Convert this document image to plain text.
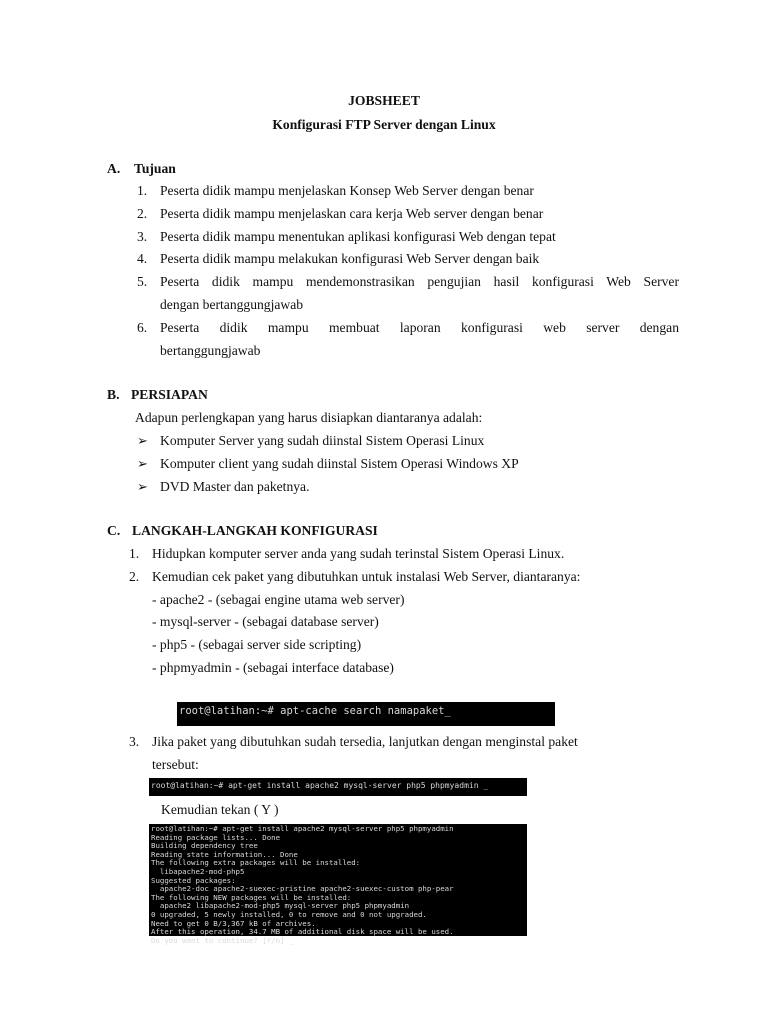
JOBSHEET
Konfigurasi FTP Server dengan Linux
A. Tujuan
1. Peserta didik mampu menjelaskan Konsep Web Server dengan benar
2. Peserta didik mampu menjelaskan cara kerja Web server dengan benar
3. Peserta didik mampu menentukan aplikasi konfigurasi Web dengan tepat
4. Peserta didik mampu melakukan konfigurasi Web Server dengan baik
5. Peserta didik mampu mendemonstrasikan pengujian hasil konfigurasi Web Server
dengan bertanggungjawab
6. Peserta didik mampu membuat laporan konfigurasi web server dengan
bertanggungjawab
B. PERSIAPAN
Adapun perlengkapan yang harus disiapkan diantaranya adalah:
➢ Komputer Server yang sudah diinstal Sistem Operasi Linux
➢ Komputer client yang sudah diinstal Sistem Operasi Windows XP
➢ DVD Master dan paketnya.
C. LANGKAH-LANGKAH KONFIGURASI
1. Hidupkan komputer server anda yang sudah terinstal Sistem Operasi Linux.
2. Kemudian cek paket yang dibutuhkan untuk instalasi Web Server, diantaranya:
- apache2 - (sebagai engine utama web server)
- mysql-server - (sebagai database server)
- php5 - (sebagai server side scripting)
- phpmyadmin - (sebagai interface database)
root@latihan:~# apt-cache search namapaket_
3. Jika paket yang dibutuhkan sudah tersedia, lanjutkan dengan menginstal paket
tersebut:
root@latihan:~# apt-get install apache2 mysql-server php5 phpmyadmin _
Kemudian tekan ( Y )
root@latihan:~# apt-get install apache2 mysql-server php5 phpmyadmin
Reading package lists... Done
Building dependency tree
Reading state information... Done
The following extra packages will be installed:
libapache2-mod-php5
Suggested packages:
apache2-doc apache2-suexec-pristine apache2-suexec-custom php-pear
The following NEW packages will be installed:
apache2 libapache2-mod-php5 mysql-server php5 phpmyadmin
0 upgraded, 5 newly installed, 0 to remove and 0 not upgraded.
Need to get 0 B/3,367 kB of archives.
After this operation, 34.7 MB of additional disk space will be used.
Do you want to continue? [Y/n] _
